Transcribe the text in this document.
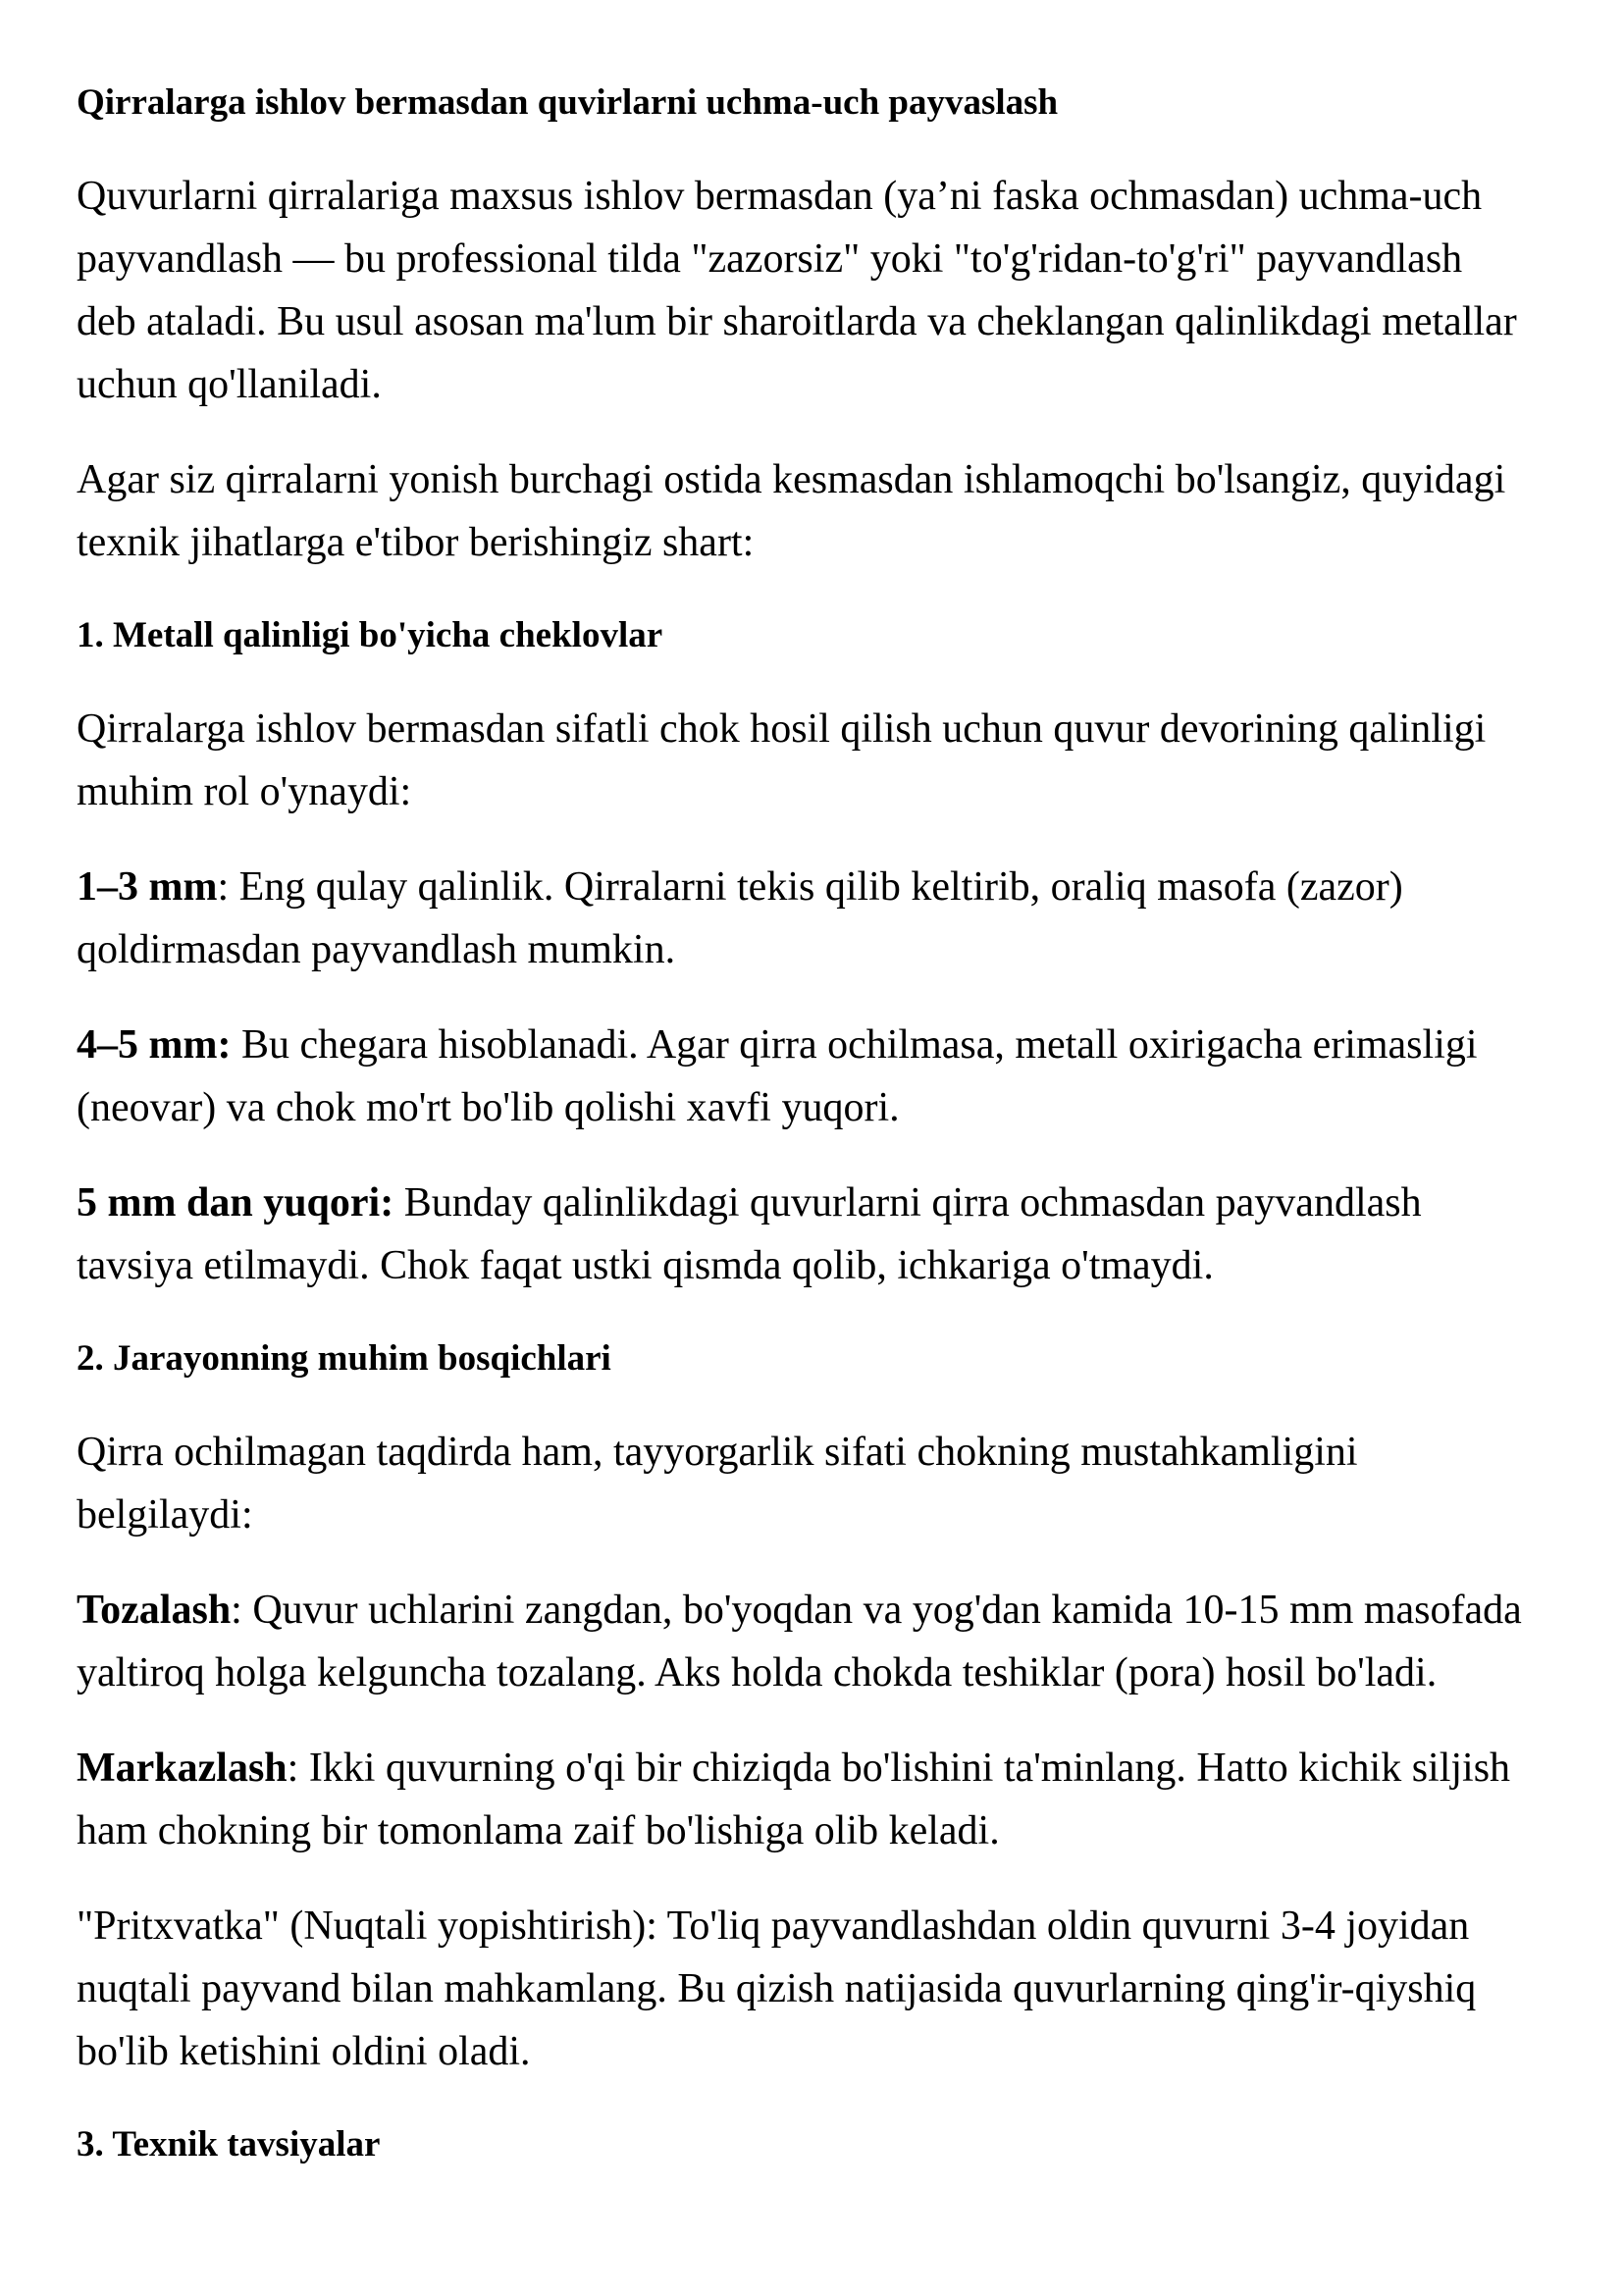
Qirralarga ishlov bermasdan quvirlarni uchma-uch payvaslash

Quvurlarni qirralariga maxsus ishlov bermasdan (ya’ni faska ochmasdan) uchma-uch payvandlash — bu professional tilda "zazorsiz" yoki "to'g'ridan-to'g'ri" payvandlash deb ataladi. Bu usul asosan ma'lum bir sharoitlarda va cheklangan qalinlikdagi metallar uchun qo'llaniladi.

Agar siz qirralarni yonish burchagi ostida kesmasdan ishlamoqchi bo'lsangiz, quyidagi texnik jihatlarga e'tibor berishingiz shart:

1. Metall qalinligi bo'yicha cheklovlar

Qirralarga ishlov bermasdan sifatli chok hosil qilish uchun quvur devorining qalinligi muhim rol o'ynaydi:

1–3 mm: Eng qulay qalinlik. Qirralarni tekis qilib keltirib, oraliq masofa (zazor) qoldirmasdan payvandlash mumkin.

4–5 mm: Bu chegara hisoblanadi. Agar qirra ochilmasa, metall oxirigacha erimasligi (neovar) va chok mo'rt bo'lib qolishi xavfi yuqori.

5 mm dan yuqori: Bunday qalinlikdagi quvurlarni qirra ochmasdan payvandlash tavsiya etilmaydi. Chok faqat ustki qismda qolib, ichkariga o'tmaydi.

2. Jarayonning muhim bosqichlari

Qirra ochilmagan taqdirda ham, tayyorgarlik sifati chokning mustahkamligini belgilaydi:

Tozalash: Quvur uchlarini zangdan, bo'yoqdan va yog'dan kamida 10-15 mm masofada yaltiroq holga kelguncha tozalang. Aks holda chokda teshiklar (pora) hosil bo'ladi.

Markazlash: Ikki quvurning o'qi bir chiziqda bo'lishini ta'minlang. Hatto kichik siljish ham chokning bir tomonlama zaif bo'lishiga olib keladi.

"Pritxvatka" (Nuqtali yopishtirish): To'liq payvandlashdan oldin quvurni 3-4 joyidan nuqtali payvand bilan mahkamlang. Bu qizish natijasida quvurlarning qing'ir-qiyshiq bo'lib ketishini oldini oladi.

3. Texnik tavsiyalar
